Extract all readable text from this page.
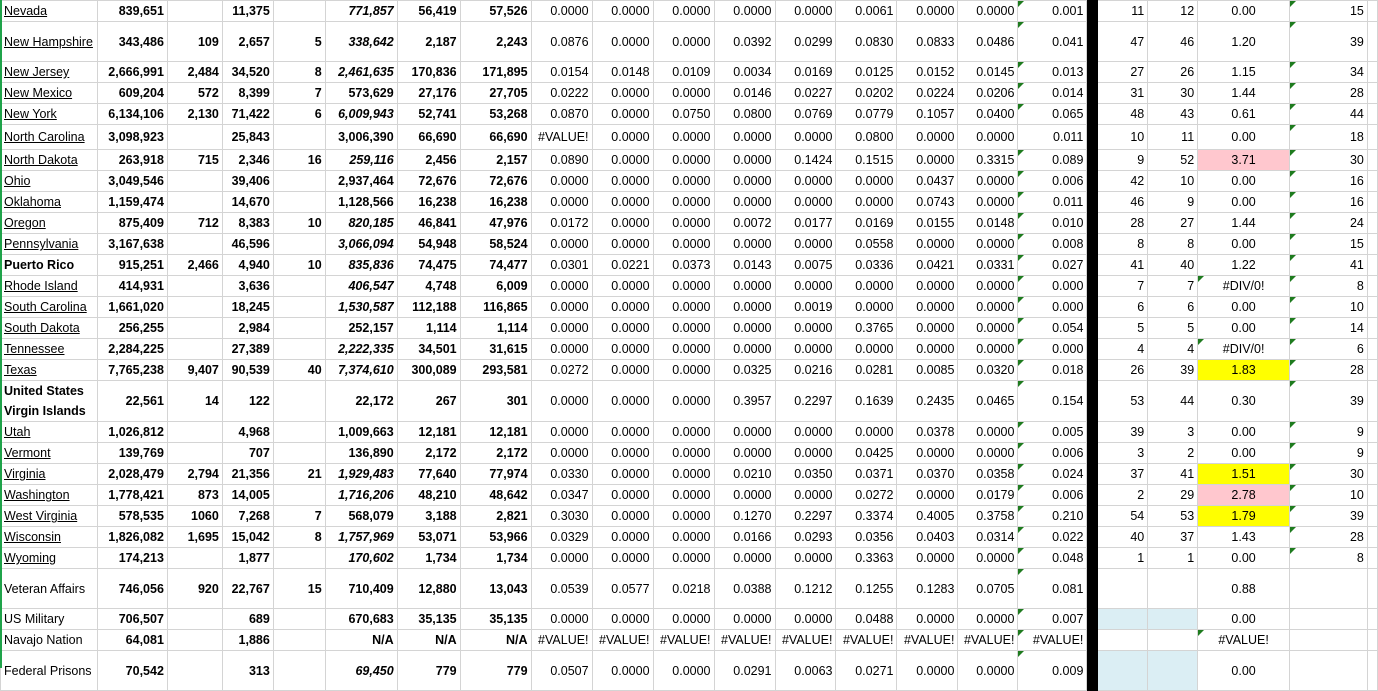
Nevada	839,651		11,375		771,857	56,419	57,526	0.0000	0.0000	0.0000	0.0000	0.0000	0.0061	0.0000	0.0000	0.001		11	12	0.00	15	
New Hampshire	343,486	109	2,657	5	338,642	2,187	2,243	0.0876	0.0000	0.0000	0.0392	0.0299	0.0830	0.0833	0.0486	0.041		47	46	1.20	39	
New Jersey	2,666,991	2,484	34,520	8	2,461,635	170,836	171,895	0.0154	0.0148	0.0109	0.0034	0.0169	0.0125	0.0152	0.0145	0.013		27	26	1.15	34	
New Mexico	609,204	572	8,399	7	573,629	27,176	27,705	0.0222	0.0000	0.0000	0.0146	0.0227	0.0202	0.0224	0.0206	0.014		31	30	1.44	28	
New York	6,134,106	2,130	71,422	6	6,009,943	52,741	53,268	0.0870	0.0000	0.0750	0.0800	0.0769	0.0779	0.1057	0.0400	0.065		48	43	0.61	44	
North Carolina	3,098,923		25,843		3,006,390	66,690	66,690	#VALUE!	0.0000	0.0000	0.0000	0.0000	0.0800	0.0000	0.0000	0.011		10	11	0.00	18	
North Dakota	263,918	715	2,346	16	259,116	2,456	2,157	0.0890	0.0000	0.0000	0.0000	0.1424	0.1515	0.0000	0.3315	0.089		9	52	3.71	30	
Ohio	3,049,546		39,406		2,937,464	72,676	72,676	0.0000	0.0000	0.0000	0.0000	0.0000	0.0000	0.0437	0.0000	0.006		42	10	0.00	16	
Oklahoma	1,159,474		14,670		1,128,566	16,238	16,238	0.0000	0.0000	0.0000	0.0000	0.0000	0.0000	0.0743	0.0000	0.011		46	9	0.00	16	
Oregon	875,409	712	8,383	10	820,185	46,841	47,976	0.0172	0.0000	0.0000	0.0072	0.0177	0.0169	0.0155	0.0148	0.010		28	27	1.44	24	
Pennsylvania	3,167,638		46,596		3,066,094	54,948	58,524	0.0000	0.0000	0.0000	0.0000	0.0000	0.0558	0.0000	0.0000	0.008		8	8	0.00	15	
Puerto Rico	915,251	2,466	4,940	10	835,836	74,475	74,477	0.0301	0.0221	0.0373	0.0143	0.0075	0.0336	0.0421	0.0331	0.027		41	40	1.22	41	
Rhode Island	414,931		3,636		406,547	4,748	6,009	0.0000	0.0000	0.0000	0.0000	0.0000	0.0000	0.0000	0.0000	0.000		7	7	#DIV/0!	8	
South Carolina	1,661,020		18,245		1,530,587	112,188	116,865	0.0000	0.0000	0.0000	0.0000	0.0019	0.0000	0.0000	0.0000	0.000		6	6	0.00	10	
South Dakota	256,255		2,984		252,157	1,114	1,114	0.0000	0.0000	0.0000	0.0000	0.0000	0.3765	0.0000	0.0000	0.054		5	5	0.00	14	
Tennessee	2,284,225		27,389		2,222,335	34,501	31,615	0.0000	0.0000	0.0000	0.0000	0.0000	0.0000	0.0000	0.0000	0.000		4	4	#DIV/0!	6	
Texas	7,765,238	9,407	90,539	40	7,374,610	300,089	293,581	0.0272	0.0000	0.0000	0.0325	0.0216	0.0281	0.0085	0.0320	0.018		26	39	1.83	28	
United States Virgin Islands	22,561	14	122		22,172	267	301	0.0000	0.0000	0.0000	0.3957	0.2297	0.1639	0.2435	0.0465	0.154		53	44	0.30	39	
Utah	1,026,812		4,968		1,009,663	12,181	12,181	0.0000	0.0000	0.0000	0.0000	0.0000	0.0000	0.0378	0.0000	0.005		39	3	0.00	9	
Vermont	139,769		707		136,890	2,172	2,172	0.0000	0.0000	0.0000	0.0000	0.0000	0.0425	0.0000	0.0000	0.006		3	2	0.00	9	
Virginia	2,028,479	2,794	21,356	21	1,929,483	77,640	77,974	0.0330	0.0000	0.0000	0.0210	0.0350	0.0371	0.0370	0.0358	0.024		37	41	1.51	30	
Washington	1,778,421	873	14,005		1,716,206	48,210	48,642	0.0347	0.0000	0.0000	0.0000	0.0000	0.0272	0.0000	0.0179	0.006		2	29	2.78	10	
West Virginia	578,535	1060	7,268	7	568,079	3,188	2,821	0.3030	0.0000	0.0000	0.1270	0.2297	0.3374	0.4005	0.3758	0.210		54	53	1.79	39	
Wisconsin	1,826,082	1,695	15,042	8	1,757,969	53,071	53,966	0.0329	0.0000	0.0000	0.0166	0.0293	0.0356	0.0403	0.0314	0.022		40	37	1.43	28	
Wyoming	174,213		1,877		170,602	1,734	1,734	0.0000	0.0000	0.0000	0.0000	0.0000	0.3363	0.0000	0.0000	0.048		1	1	0.00	8	
Veteran Affairs	746,056	920	22,767	15	710,409	12,880	13,043	0.0539	0.0577	0.0218	0.0388	0.1212	0.1255	0.1283	0.0705	0.081				0.88		
US Military	706,507		689		670,683	35,135	35,135	0.0000	0.0000	0.0000	0.0000	0.0000	0.0488	0.0000	0.0000	0.007				0.00		
Navajo Nation	64,081		1,886		N/A	N/A	N/A	#VALUE!	#VALUE!	#VALUE!	#VALUE!	#VALUE!	#VALUE!	#VALUE!	#VALUE!	#VALUE!				#VALUE!		
Federal Prisons	70,542		313		69,450	779	779	0.0507	0.0000	0.0000	0.0291	0.0063	0.0271	0.0000	0.0000	0.009				0.00		
